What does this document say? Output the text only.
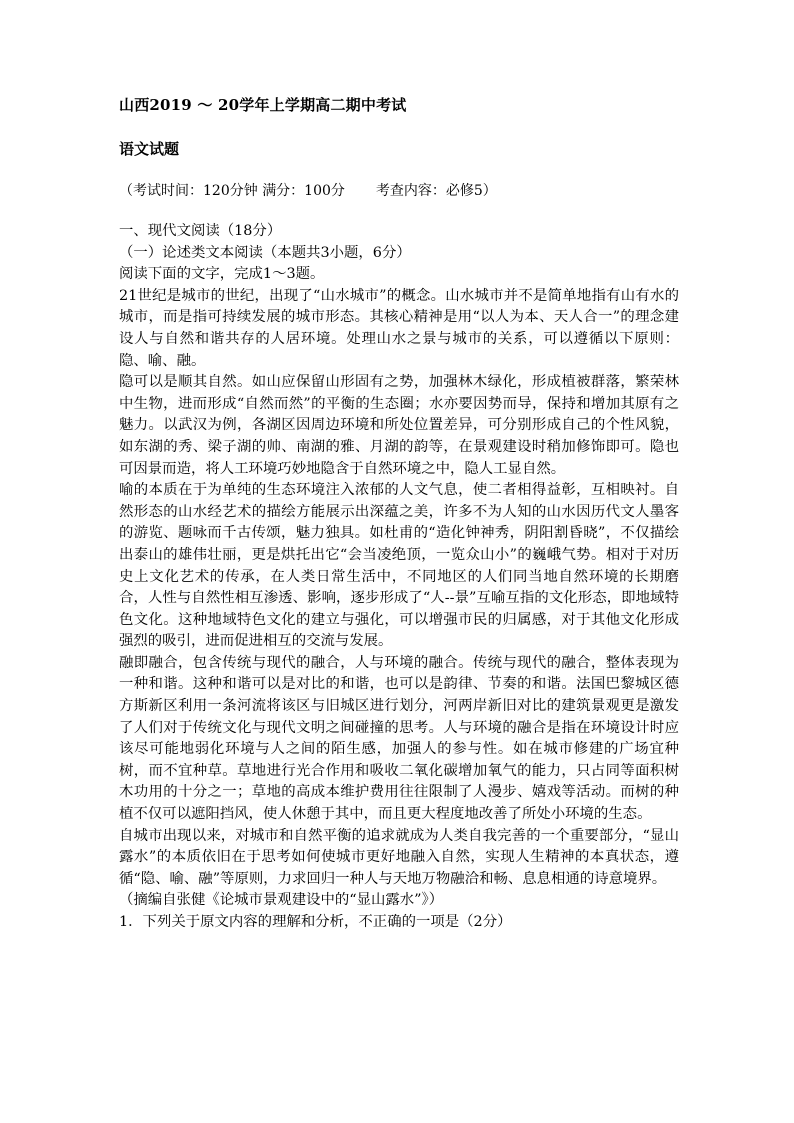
山西2019 ～ 20学年上学期高二期中考试
语文试题
（考试时间：120分钟 满分：100分 考查内容：必修5）

一、现代文阅读（18分）

（一）论述类文本阅读（本题共3小题，6分）

阅读下面的文字，完成1～3题。

21世纪是城市的世纪，出现了“山水城市”的概念。山水城市并不是简单地指有山有水的城市，而是指可持续发展的城市形态。其核心精神是用“以人为本、天人合一”的理念建设人与自然和谐共存的人居环境。处理山水之景与城市的关系，可以遵循以下原则：隐、喻、融。

隐可以是顺其自然。如山应保留山形固有之势，加强林木绿化，形成植被群落，繁荣林中生物，进而形成“自然而然”的平衡的生态圈；水亦要因势而导，保持和增加其原有之魅力。以武汉为例，各湖区因周边环境和所处位置差异，可分别形成自己的个性风貌，如东湖的秀、梁子湖的帅、南湖的雅、月湖的韵等，在景观建设时稍加修饰即可。隐也可因景而造，将人工环境巧妙地隐含于自然环境之中，隐人工显自然。

喻的本质在于为单纯的生态环境注入浓郁的人文气息，使二者相得益彰，互相映衬。自然形态的山水经艺术的描绘方能展示出深蕴之美，许多不为人知的山水因历代文人墨客的游览、题咏而千古传颂，魅力独具。如杜甫的“造化钟神秀，阴阳割昏晓”，不仅描绘出泰山的雄伟壮丽，更是烘托出它“会当凌绝顶，一览众山小”的巍峨气势。相对于对历史上文化艺术的传承，在人类日常生活中，不同地区的人们同当地自然环境的长期磨合，人性与自然性相互渗透、影响，逐步形成了“人--景”互喻互指的文化形态，即地域特色文化。这种地域特色文化的建立与强化，可以增强市民的归属感，对于其他文化形成强烈的吸引，进而促进相互的交流与发展。

融即融合，包含传统与现代的融合，人与环境的融合。传统与现代的融合，整体表现为一种和谐。这种和谐可以是对比的和谐，也可以是韵律、节奏的和谐。法国巴黎城区德方斯新区利用一条河流将该区与旧城区进行划分，河两岸新旧对比的建筑景观更是激发了人们对于传统文化与现代文明之间碰撞的思考。人与环境的融合是指在环境设计时应该尽可能地弱化环境与人之间的陌生感，加强人的参与性。如在城市修建的广场宜种树，而不宜种草。草地进行光合作用和吸收二氧化碳增加氧气的能力，只占同等面积树木功用的十分之一；草地的高成本维护费用往往限制了人漫步、嬉戏等活动。而树的种植不仅可以遮阳挡风，使人休憩于其中，而且更大程度地改善了所处小环境的生态。

自城市出现以来，对城市和自然平衡的追求就成为人类自我完善的一个重要部分，“显山露水”的本质依旧在于思考如何使城市更好地融入自然，实现人生精神的本真状态，遵循“隐、喻、融”等原则，力求回归一种人与天地万物融洽和畅、息息相通的诗意境界。

（摘编自张健《论城市景观建设中的“显山露水”》）

1．下列关于原文内容的理解和分析，不正确的一项是（2分）
